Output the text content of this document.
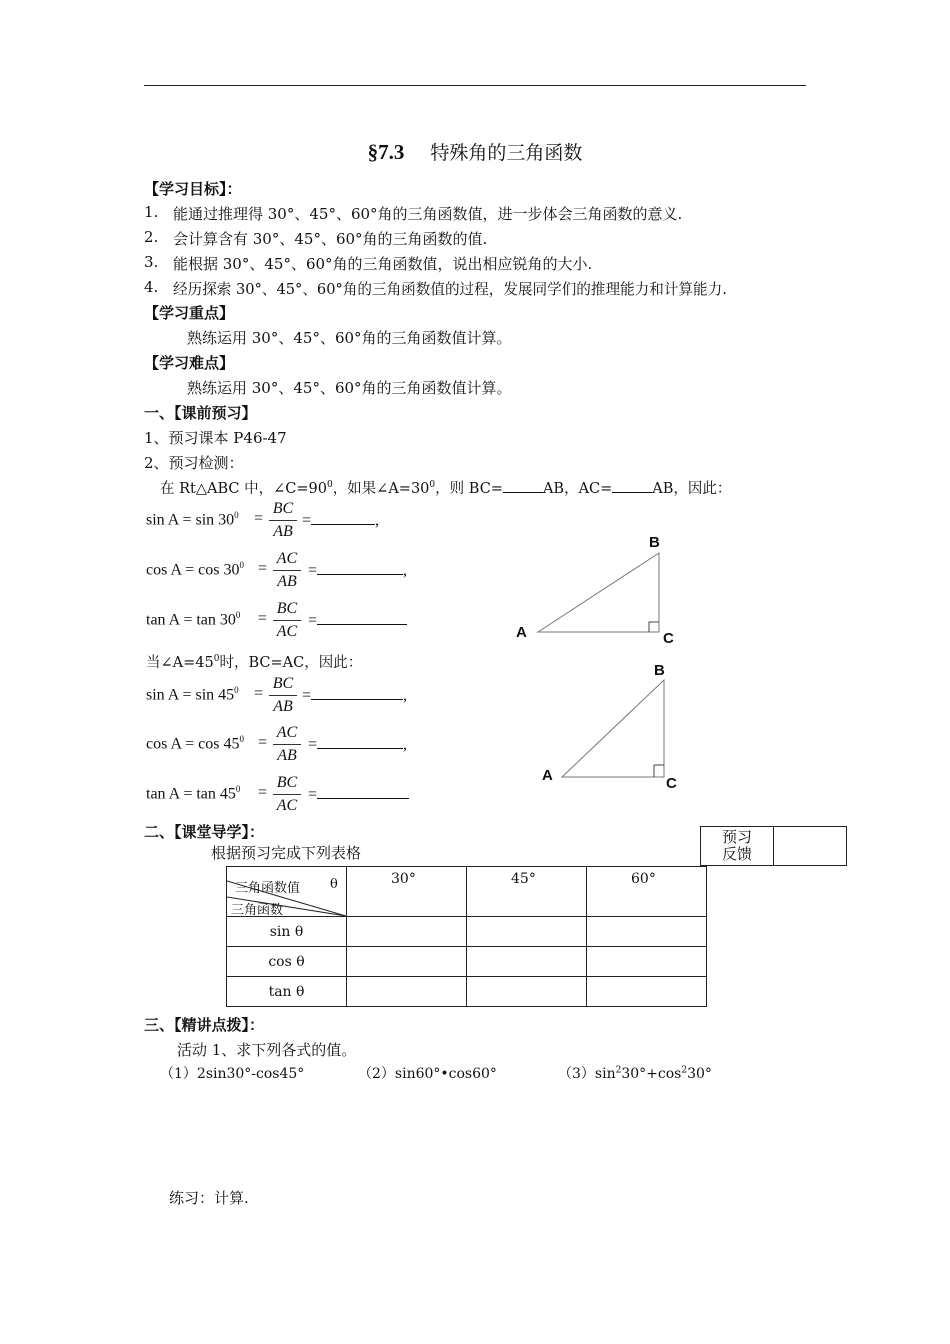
§7.3 特殊角的三角函数
【学习目标】：
1. 能通过推理得 30°、45°、60°角的三角函数值，进一步体会三角函数的意义.
2. 会计算含有 30°、45°、60°角的三角函数的值.
3. 能根据 30°、45°、60°角的三角函数值，说出相应锐角的大小.
4. 经历探索 30°、45°、60°角的三角函数值的过程，发展同学们的推理能力和计算能力.
【学习重点】
熟练运用 30°、45°、60°角的三角函数值计算。
【学习难点】
熟练运用 30°、45°、60°角的三角函数值计算。
一、【课前预习】
1、预习课本 P46-47
2、预习检测：
在 Rt△ABC 中，$\angle C=90^0$，如果$\angle A=30^0$，则 BC=	AB，AC=	AB，因此：
$\sin A = \sin 30^0 = \frac{BC}{AB}$ =	,
$\cos A = \cos 30^0 = \frac{AC}{AB}$ =	,
$\tan A = \tan 30^0 = \frac{BC}{AC}$ =
当$\angle A=45^0$时，BC=AC，因此：
$\sin A = \sin 45^0 = \frac{BC}{AB}$ =	,
$\cos A = \cos 45^0 = \frac{AC}{AB}$ =	,
$\tan A = \tan 45^0 = \frac{BC}{AC}$ =
B
A	C
B
A	C
二、【课堂导学】：
根据预习完成下列表格
预习
反馈

三角函数值 θ
三角函数	30°	45°	60°
sin θ			
cos θ			
tan θ			
三、【精讲点拨】：
活动 1、求下列各式的值。
（1）2sin30°-cos45°	（2）sin60°•cos60°	$(3)\sin^230^\circ+\cos^230^\circ$
练习：计算.
